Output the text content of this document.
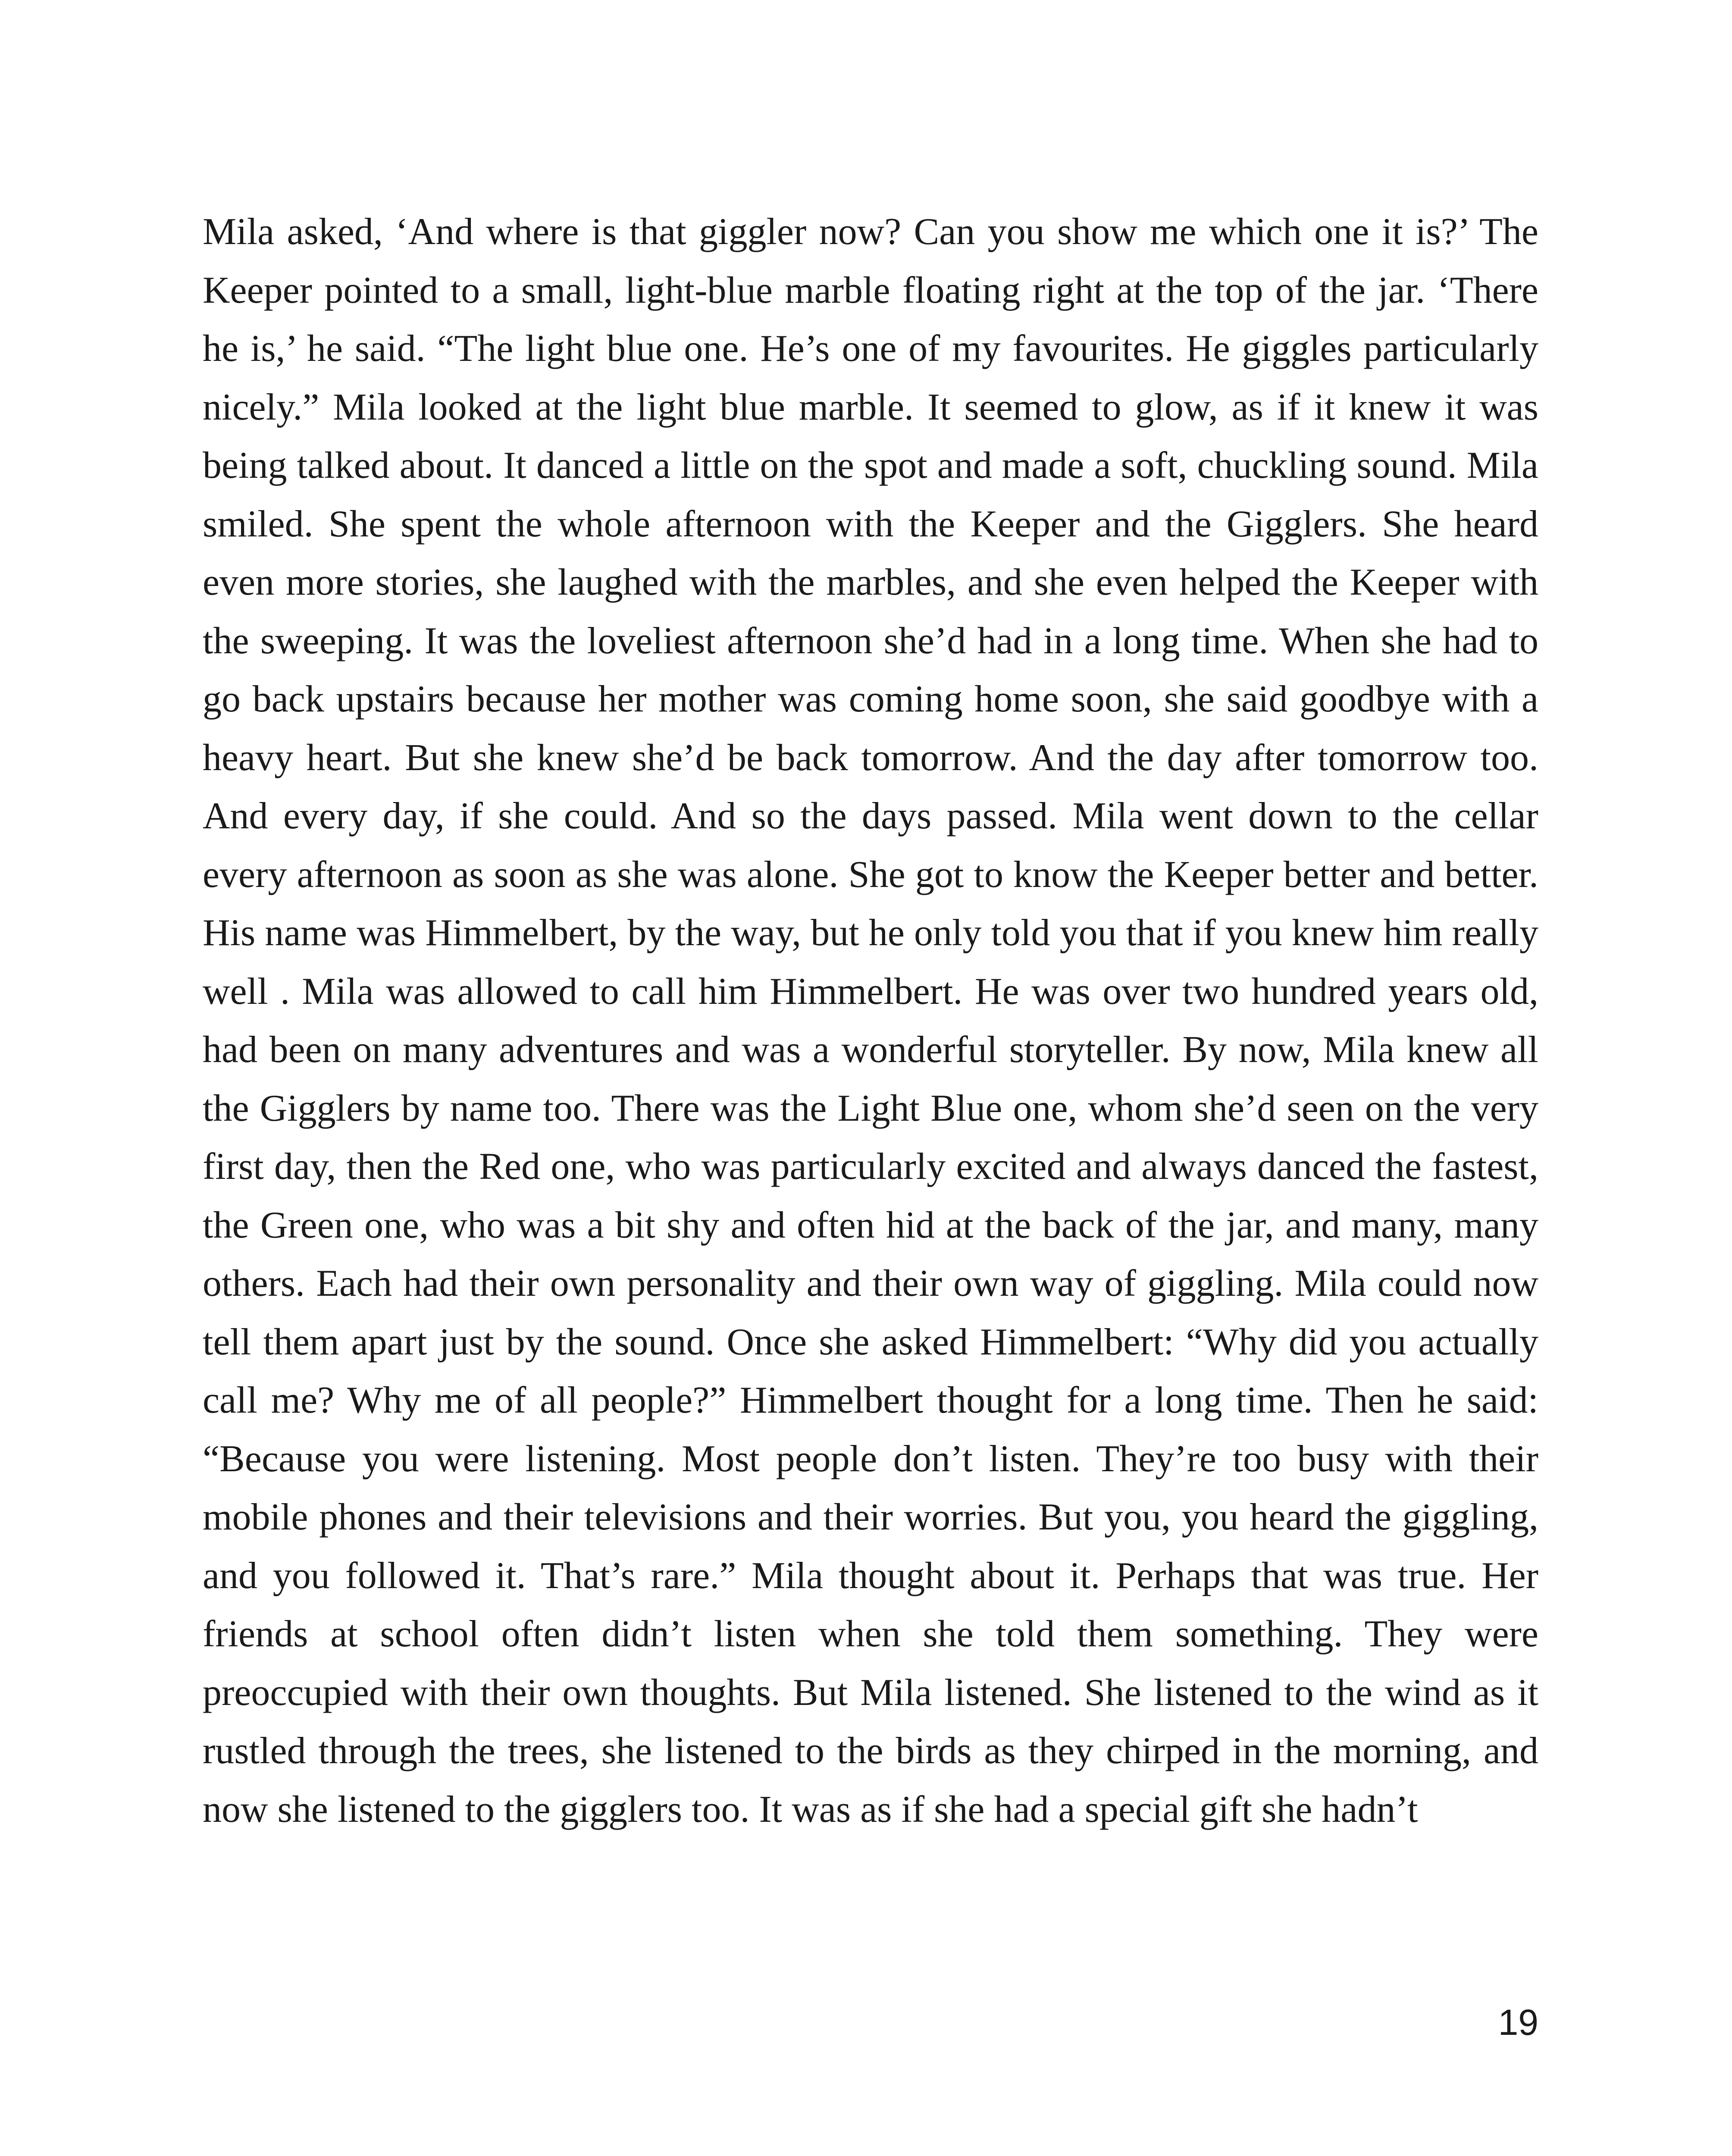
Mila asked, ‘And where is that giggler now? Can you show me which one it is?’ The Keeper pointed to a small, light-blue marble floating right at the top of the jar. ‘There he is,’ he said. “The light blue one. He’s one of my favourites. He giggles particularly nicely.” Mila looked at the light blue marble. It seemed to glow, as if it knew it was being talked about. It danced a little on the spot and made a soft, chuckling sound. Mila smiled. She spent the whole afternoon with the Keeper and the Gigglers. She heard even more stories, she laughed with the marbles, and she even helped the Keeper with the sweeping. It was the loveliest afternoon she’d had in a long time. When she had to go back upstairs because her mother was coming home soon, she said goodbye with a heavy heart. But she knew she’d be back tomorrow. And the day after tomorrow too. And every day, if she could. And so the days passed. Mila went down to the cellar every afternoon as soon as she was alone. She got to know the Keeper better and better. His name was Himmelbert, by the way, but he only told you that if you knew him really well . Mila was allowed to call him Himmelbert. He was over two hundred years old, had been on many adventures and was a wonderful storyteller. By now, Mila knew all the Gigglers by name too. There was the Light Blue one, whom she’d seen on the very first day, then the Red one, who was particularly excited and always danced the fastest, the Green one, who was a bit shy and often hid at the back of the jar, and many, many others. Each had their own personality and their own way of giggling. Mila could now tell them apart just by the sound. Once she asked Himmelbert: “Why did you actually call me? Why me of all people?” Himmelbert thought for a long time. Then he said: “Because you were listening. Most people don’t listen. They’re too busy with their mobile phones and their televisions and their worries. But you, you heard the giggling, and you followed it. That’s rare.” Mila thought about it. Perhaps that was true. Her friends at school often didn’t listen when she told them something. They were preoccupied with their own thoughts. But Mila listened. She listened to the wind as it rustled through the trees, she listened to the birds as they chirped in the morning, and now she listened to the gigglers too. It was as if she had a special gift she hadn’t

19
